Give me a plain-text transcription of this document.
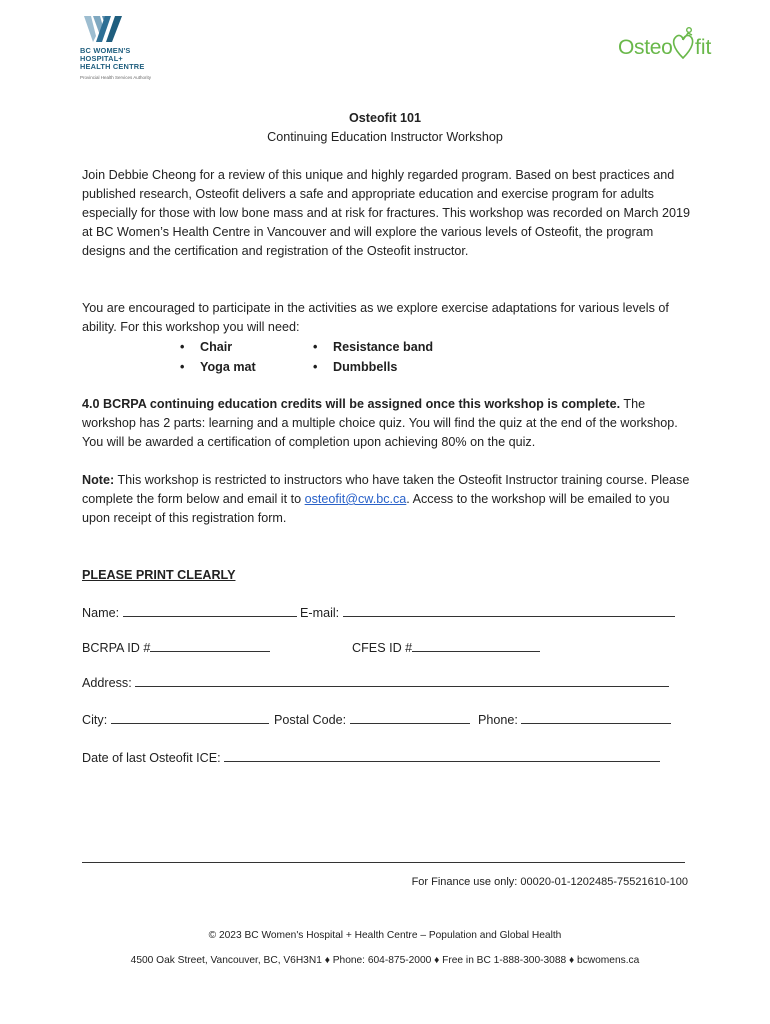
BC WOMEN'S
HOSPITAL+
HEALTH CENTRE
Provincial Health Services Authority
Osteo fit
Osteofit 101
Continuing Education Instructor Workshop
Join Debbie Cheong for a review of this unique and highly regarded program. Based on best practices and published research, Osteofit delivers a safe and appropriate education and exercise program for adults especially for those with low bone mass and at risk for fractures. This workshop was recorded on March 2019 at BC Women’s Health Centre in Vancouver and will explore the various levels of Osteofit, the program designs and the certification and registration of the Osteofit instructor.
You are encouraged to participate in the activities as we explore exercise adaptations for various levels of ability. For this workshop you will need:
• Chair	• Resistance band
• Yoga mat	• Dumbbells
4.0 BCRPA continuing education credits will be assigned once this workshop is complete. The workshop has 2 parts: learning and a multiple choice quiz. You will find the quiz at the end of the workshop. You will be awarded a certification of completion upon achieving 80% on the quiz.
Note: This workshop is restricted to instructors who have taken the Osteofit Instructor training course. Please complete the form below and email it to osteofit@cw.bc.ca. Access to the workshop will be emailed to you upon receipt of this registration form.
PLEASE PRINT CLEARLY
Name:	E-mail:
BCRPA ID #	CFES ID #
Address:
City:	Postal Code:	Phone:
Date of last Osteofit ICE:
For Finance use only: 00020-01-1202485-75521610-100
© 2023 BC Women's Hospital + Health Centre – Population and Global Health
4500 Oak Street, Vancouver, BC, V6H3N1 ♦ Phone: 604-875-2000 ♦ Free in BC 1-888-300-3088 ♦ bcwomens.ca
